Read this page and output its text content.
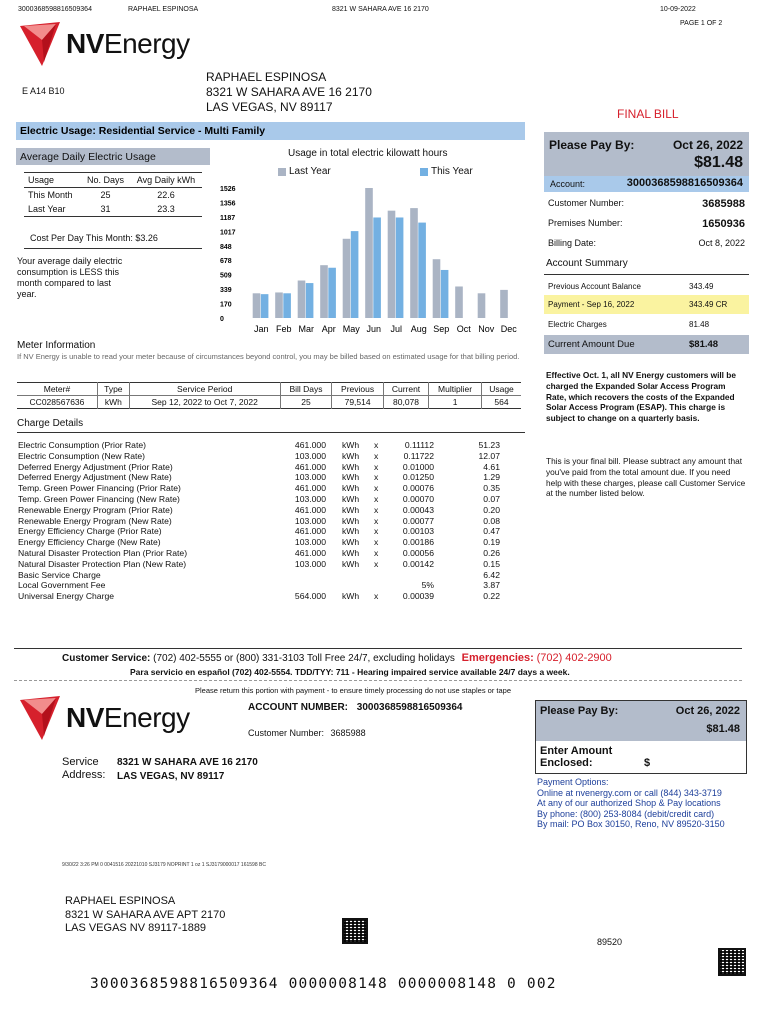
3000368598816509364	RAPHAEL ESPINOSA	8321 W SAHARA AVE 16 2170	10-09-2022
PAGE 1 OF 2
NVEnergy
E A14 B10
RAPHAEL ESPINOSA
8321 W SAHARA AVE 16 2170
LAS VEGAS, NV 89117	FINAL BILL
Electric Usage: Residential Service - Multi Family
Average Daily Electric Usage
Usage	No. Days	Avg Daily kWh
This Month	25	22.6
Last Year	31	23.3
Cost Per Day This Month: $3.26
Your average daily electric consumption is LESS this month compared to last year.
Usage in total electric kilowatt hours
Last Year	This Year
1526
1356
1187
1017
848
678
509
339
170
0
Jan Feb Mar Apr May Jun Jul Aug Sep Oct Nov Dec
Meter Information
If NV Energy is unable to read your meter because of circumstances beyond control, you may be billed based on estimated usage for that billing period.
Meter#	Type	Service Period	Bill Days	Previous	Current	Multiplier	Usage
CC028567636	kWh	Sep 12, 2022 to Oct 7, 2022	25	79,514	80,078	1	564
Charge Details
Electric Consumption (Prior Rate)	461.000 kWh x	0.11112	51.23
Electric Consumption (New Rate)	103.000 kWh x	0.11722	12.07
Deferred Energy Adjustment (Prior Rate)	461.000 kWh x	0.01000	4.61
Deferred Energy Adjustment (New Rate)	103.000 kWh x	0.01250	1.29
Temp. Green Power Financing (Prior Rate)	461.000 kWh x	0.00076	0.35
Temp. Green Power Financing (New Rate)	103.000 kWh x	0.00070	0.07
Renewable Energy Program (Prior Rate)	461.000 kWh x	0.00043	0.20
Renewable Energy Program (New Rate)	103.000 kWh x	0.00077	0.08
Energy Efficiency Charge (Prior Rate)	461.000 kWh x	0.00103	0.47
Energy Efficiency Charge (New Rate)	103.000 kWh x	0.00186	0.19
Natural Disaster Protection Plan (Prior Rate)	461.000 kWh x	0.00056	0.26
Natural Disaster Protection Plan (New Rate)	103.000 kWh x	0.00142	0.15
Basic Service Charge	6.42
Local Government Fee	5%	3.87
Universal Energy Charge	564.000 kWh x	0.00039	0.22
Please Pay By:	Oct 26, 2022
$81.48
Account:	3000368598816509364
Customer Number:	3685988
Premises Number:	1650936
Billing Date:	Oct 8, 2022
Account Summary
Previous Account Balance	343.49
Payment - Sep 16, 2022	343.49 CR
Electric Charges	81.48
Current Amount Due	$81.48
Effective Oct. 1, all NV Energy customers will be charged the Expanded Solar Access Program Rate, which recovers the costs of the Expanded Solar Access Program (ESAP). This charge is subject to change on a quarterly basis.
This is your final bill. Please subtract any amount that you've paid from the total amount due. If you need help with these charges, please call Customer Service at the number listed below.
Customer Service: (702) 402-5555 or (800) 331-3103 Toll Free 24/7, excluding holidays Emergencies: (702) 402-2900
Para servicio en español (702) 402-5554. TDD/TYY: 711 - Hearing impaired service available 24/7 days a week.
Please return this portion with payment - to ensure timely processing do not use staples or tape
NVEnergy	ACCOUNT NUMBER: 3000368598816509364
Customer Number: 3685988
Service
Address:
8321 W SAHARA AVE 16 2170
LAS VEGAS, NV 89117
Please Pay By:	Oct 26, 2022
$81.48
Enter Amount Enclosed:	$
Payment Options:
Online at nvenergy.com or call (844) 343-3719
At any of our authorized Shop & Pay locations
By phone: (800) 253-8084 (debit/credit card)
By mail: PO Box 30150, Reno, NV 89520-3150
9/30/22 3:26 PM 0 0041516 20221010 SJ3179 NOPRINT 1 oz 1 SJ3179000017 161598 BC
RAPHAEL ESPINOSA
8321 W SAHARA AVE APT 2170
LAS VEGAS NV 89117-1889
89520
3000368598816509364 0000008148 0000008148 0 002
